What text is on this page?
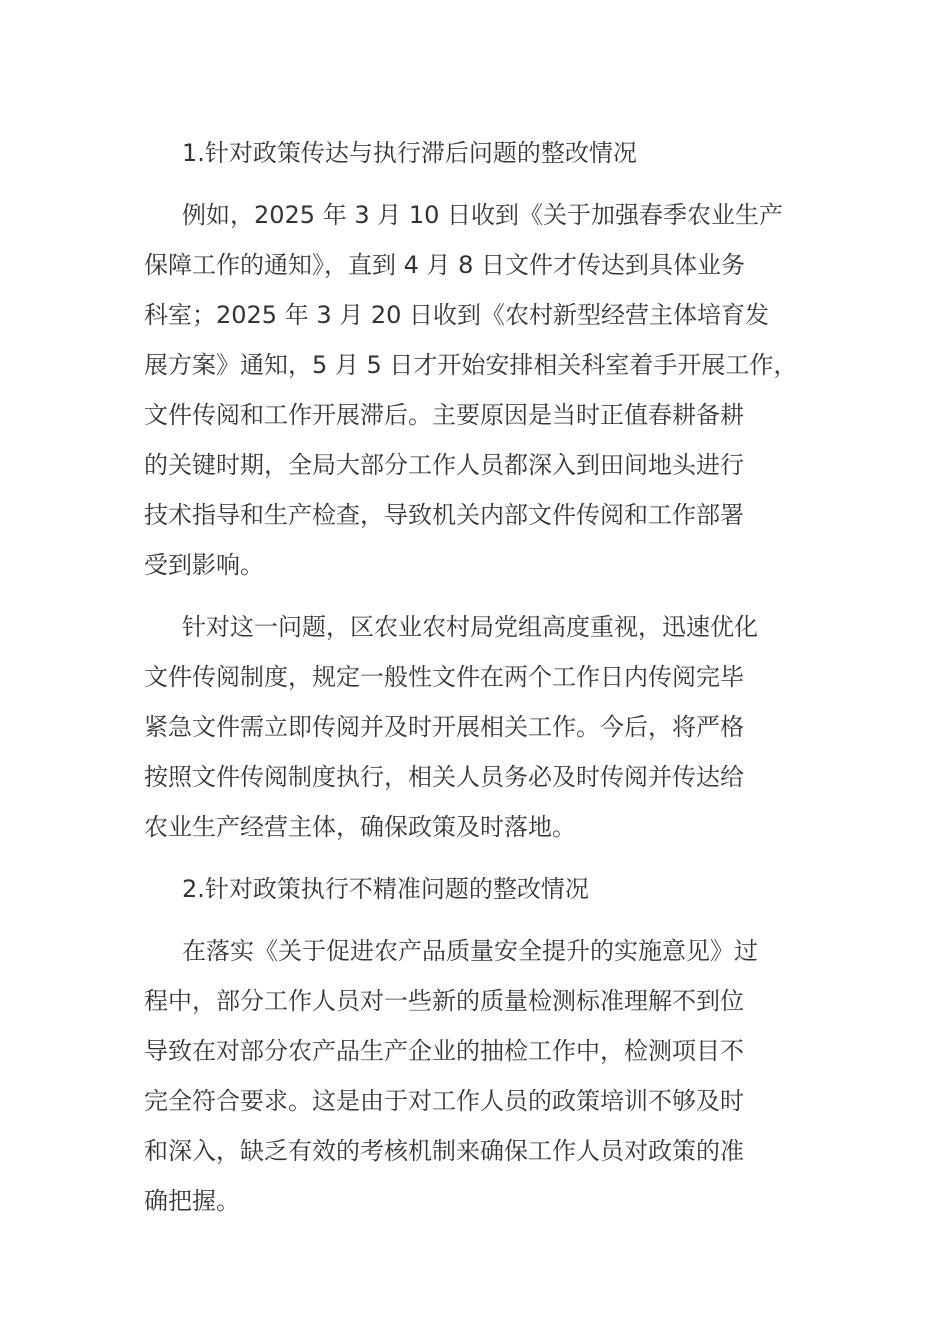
1.针对政策传达与执行滞后问题的整改情况
例如，2025 年 3 月 10 日收到《关于加强春季农业生产
保障工作的通知》，直到 4 月 8 日文件才传达到具体业务
科室；2025 年 3 月 20 日收到《农村新型经营主体培育发
展方案》通知，5 月 5 日才开始安排相关科室着手开展工作，
文件传阅和工作开展滞后。主要原因是当时正值春耕备耕
的关键时期，全局大部分工作人员都深入到田间地头进行
技术指导和生产检查，导致机关内部文件传阅和工作部署
受到影响。
针对这一问题，区农业农村局党组高度重视，迅速优化
文件传阅制度，规定一般性文件在两个工作日内传阅完毕
紧急文件需立即传阅并及时开展相关工作。今后，将严格
按照文件传阅制度执行，相关人员务必及时传阅并传达给
农业生产经营主体，确保政策及时落地。
2.针对政策执行不精准问题的整改情况
在落实《关于促进农产品质量安全提升的实施意见》过
程中，部分工作人员对一些新的质量检测标准理解不到位
导致在对部分农产品生产企业的抽检工作中，检测项目不
完全符合要求。这是由于对工作人员的政策培训不够及时
和深入，缺乏有效的考核机制来确保工作人员对政策的准
确把握。
